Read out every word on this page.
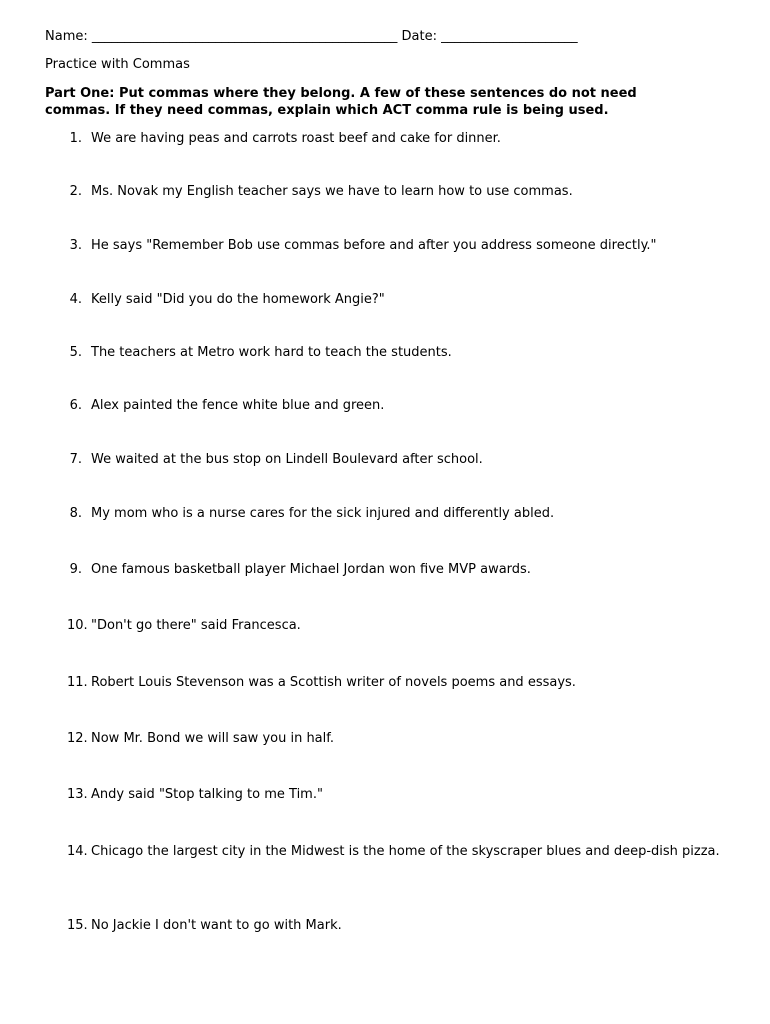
Name: _______________________________________________ Date: _____________________
Practice with Commas
Part One: Put commas where they belong. A few of these sentences do not need commas. If they need commas, explain which ACT comma rule is being used.
1. We are having peas and carrots roast beef and cake for dinner.
2. Ms. Novak my English teacher says we have to learn how to use commas.
3. He says "Remember Bob use commas before and after you address someone directly."
4. Kelly said "Did you do the homework Angie?"
5. The teachers at Metro work hard to teach the students.
6. Alex painted the fence white blue and green.
7. We waited at the bus stop on Lindell Boulevard after school.
8. My mom who is a nurse cares for the sick injured and differently abled.
9. One famous basketball player Michael Jordan won five MVP awards.
10. "Don't go there" said Francesca.
11. Robert Louis Stevenson was a Scottish writer of novels poems and essays.
12. Now Mr. Bond we will saw you in half.
13. Andy said "Stop talking to me Tim."
14. Chicago the largest city in the Midwest is the home of the skyscraper blues and deep-dish pizza.
15. No Jackie I don't want to go with Mark.
